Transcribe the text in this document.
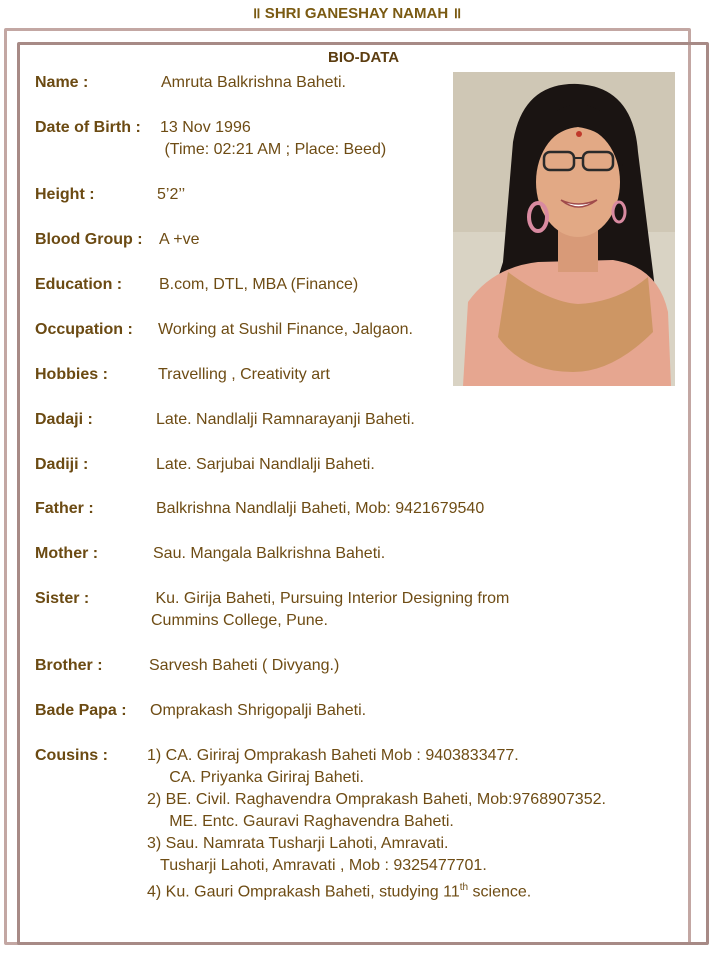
॥ SHRI GANESHAY NAMAH ॥
BIO-DATA
Name :	Amruta Balkrishna Baheti.
Date of Birth : 13 Nov 1996
(Time: 02:21 AM ; Place: Beed)
Height :	5’2’’
Blood Group : A +ve
Education : B.com, DTL, MBA (Finance)
Occupation : Working at Sushil Finance, Jalgaon.
Hobbies :	Travelling , Creativity art
Dadaji :	Late. Nandlalji Ramnarayanji Baheti.
Dadiji :	Late. Sarjubai Nandlalji Baheti.
Father :	Balkrishna Nandlalji Baheti, Mob: 9421679540
Mother :	Sau. Mangala Balkrishna Baheti.
Sister :	Ku. Girija Baheti, Pursuing Interior Designing from
Cummins College, Pune.
Brother :	Sarvesh Baheti ( Divyang.)
Bade Papa : Omprakash Shrigopalji Baheti.
Cousins : 1) CA. Giriraj Omprakash Baheti Mob : 9403833477.
CA. Priyanka Giriraj Baheti.
2) BE. Civil. Raghavendra Omprakash Baheti, Mob:9768907352.
ME. Entc. Gauravi Raghavendra Baheti.
3) Sau. Namrata Tusharji Lahoti, Amravati.
Tusharji Lahoti, Amravati , Mob : 9325477701.
4) Ku. Gauri Omprakash Baheti, studying 11th science.
